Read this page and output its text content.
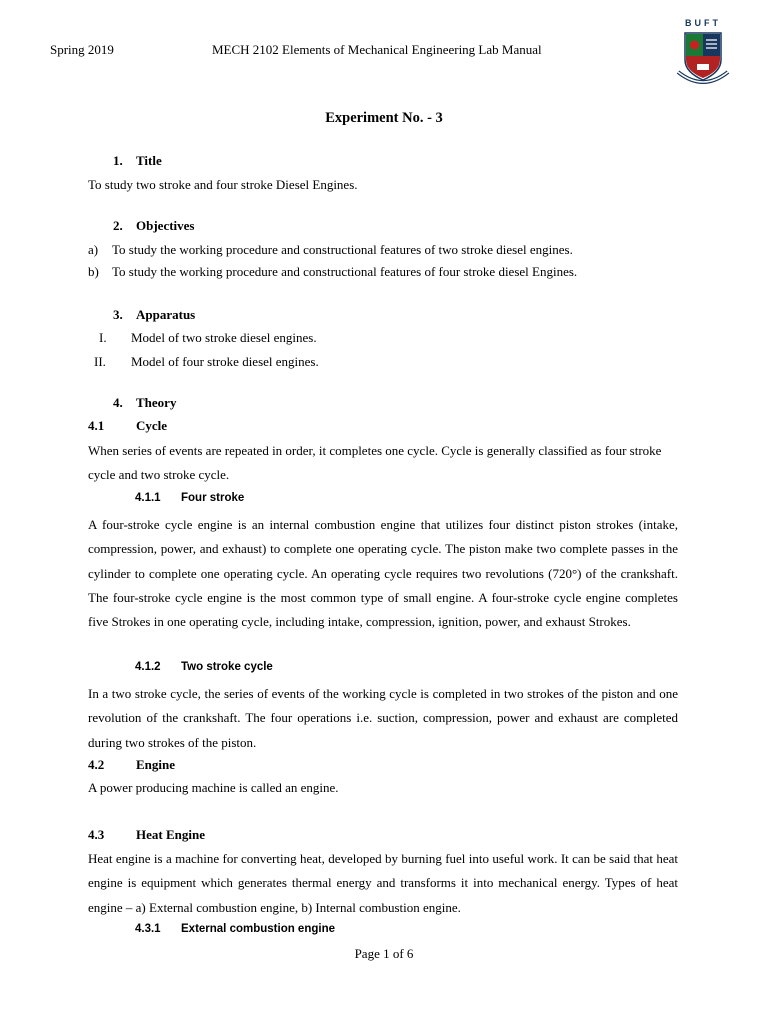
Spring 2019	MECH 2102 Elements of Mechanical Engineering Lab Manual
BUFT
Experiment No. - 3
1. Title
To study two stroke and four stroke Diesel Engines.
2. Objectives
a) To study the working procedure and constructional features of two stroke diesel engines.
b) To study the working procedure and constructional features of four stroke diesel Engines.
3. Apparatus
I. Model of two stroke diesel engines.
II. Model of four stroke diesel engines.
4. Theory
4.1 Cycle
When series of events are repeated in order, it completes one cycle. Cycle is generally classified as four stroke cycle and two stroke cycle.
4.1.1 Four stroke
A four-stroke cycle engine is an internal combustion engine that utilizes four distinct piston strokes (intake, compression, power, and exhaust) to complete one operating cycle. The piston make two complete passes in the cylinder to complete one operating cycle. An operating cycle requires two revolutions (720°) of the crankshaft. The four-stroke cycle engine is the most common type of small engine. A four-stroke cycle engine completes five Strokes in one operating cycle, including intake, compression, ignition, power, and exhaust Strokes.
4.1.2 Two stroke cycle
In a two stroke cycle, the series of events of the working cycle is completed in two strokes of the piston and one revolution of the crankshaft. The four operations i.e. suction, compression, power and exhaust are completed during two strokes of the piston.
4.2 Engine
A power producing machine is called an engine.
4.3 Heat Engine
Heat engine is a machine for converting heat, developed by burning fuel into useful work. It can be said that heat engine is equipment which generates thermal energy and transforms it into mechanical energy. Types of heat engine – a) External combustion engine, b) Internal combustion engine.
4.3.1 External combustion engine
Page 1 of 6
